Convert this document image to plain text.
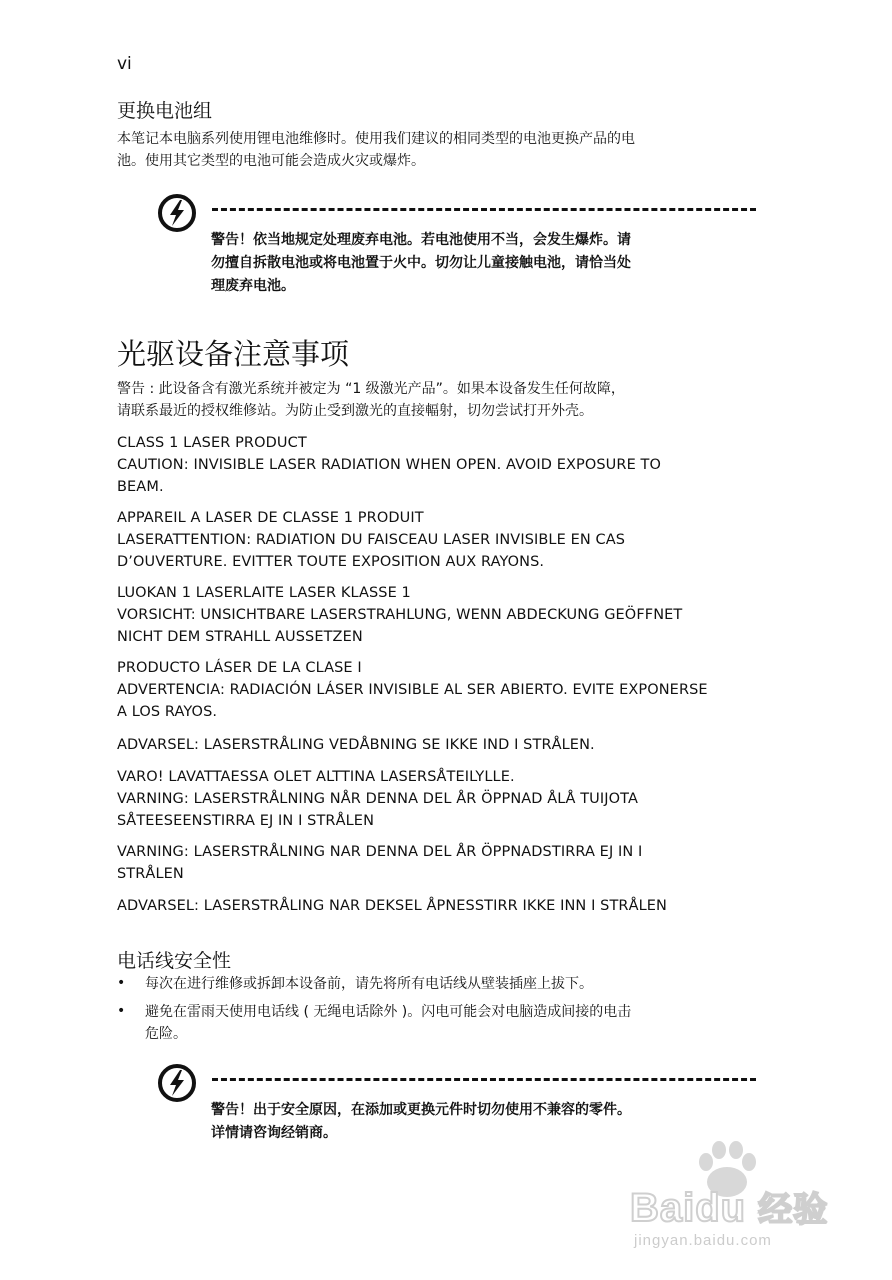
vi
更换电池组
本笔记本电脑系列使用锂电池维修时。使用我们建议的相同类型的电池更换产品的电
池。使用其它类型的电池可能会造成火灾或爆炸。
警告！依当地规定处理废弃电池。若电池使用不当，会发生爆炸。请
勿擅自拆散电池或将电池置于火中。切勿让儿童接触电池，请恰当处
理废弃电池。
光驱设备注意事项
警告 : 此设备含有激光系统并被定为 “1 级激光产品”。如果本设备发生任何故障，
请联系最近的授权维修站。为防止受到激光的直接輻射，切勿尝试打开外壳。
CLASS 1 LASER PRODUCT
CAUTION: INVISIBLE LASER RADIATION WHEN OPEN. AVOID EXPOSURE TO
BEAM.
APPAREIL A LASER DE CLASSE 1 PRODUIT
LASERATTENTION: RADIATION DU FAISCEAU LASER INVISIBLE EN CAS
D’OUVERTURE. EVITTER TOUTE EXPOSITION AUX RAYONS.
LUOKAN 1 LASERLAITE LASER KLASSE 1
VORSICHT: UNSICHTBARE LASERSTRAHLUNG, WENN ABDECKUNG GEÖFFNET
NICHT DEM STRAHLL AUSSETZEN
PRODUCTO LÁSER DE LA CLASE I
ADVERTENCIA: RADIACIÓN LÁSER INVISIBLE AL SER ABIERTO. EVITE EXPONERSE
A LOS RAYOS.
ADVARSEL: LASERSTRÅLING VEDÅBNING SE IKKE IND I STRÅLEN.
VARO! LAVATTAESSA OLET ALTTINA LASERSÅTEILYLLE.
VARNING: LASERSTRÅLNING NÅR DENNA DEL ÅR ÖPPNAD ÅLÅ TUIJOTA
SÅTEESEENSTIRRA EJ IN I STRÅLEN
VARNING: LASERSTRÅLNING NAR DENNA DEL ÅR ÖPPNADSTIRRA EJ IN I
STRÅLEN
ADVARSEL: LASERSTRÅLING NAR DEKSEL ÅPNESSTIRR IKKE INN I STRÅLEN
电话线安全性
• 每次在进行维修或拆卸本设备前，请先将所有电话线从壁装插座上拔下。
• 避免在雷雨天使用电话线 ( 无绳电话除外 )。闪电可能会对电脑造成间接的电击
危险。
警告！出于安全原因，在添加或更换元件时切勿使用不兼容的零件。
详情请咨询经销商。
Baidu 经验
jingyan.baidu.com
